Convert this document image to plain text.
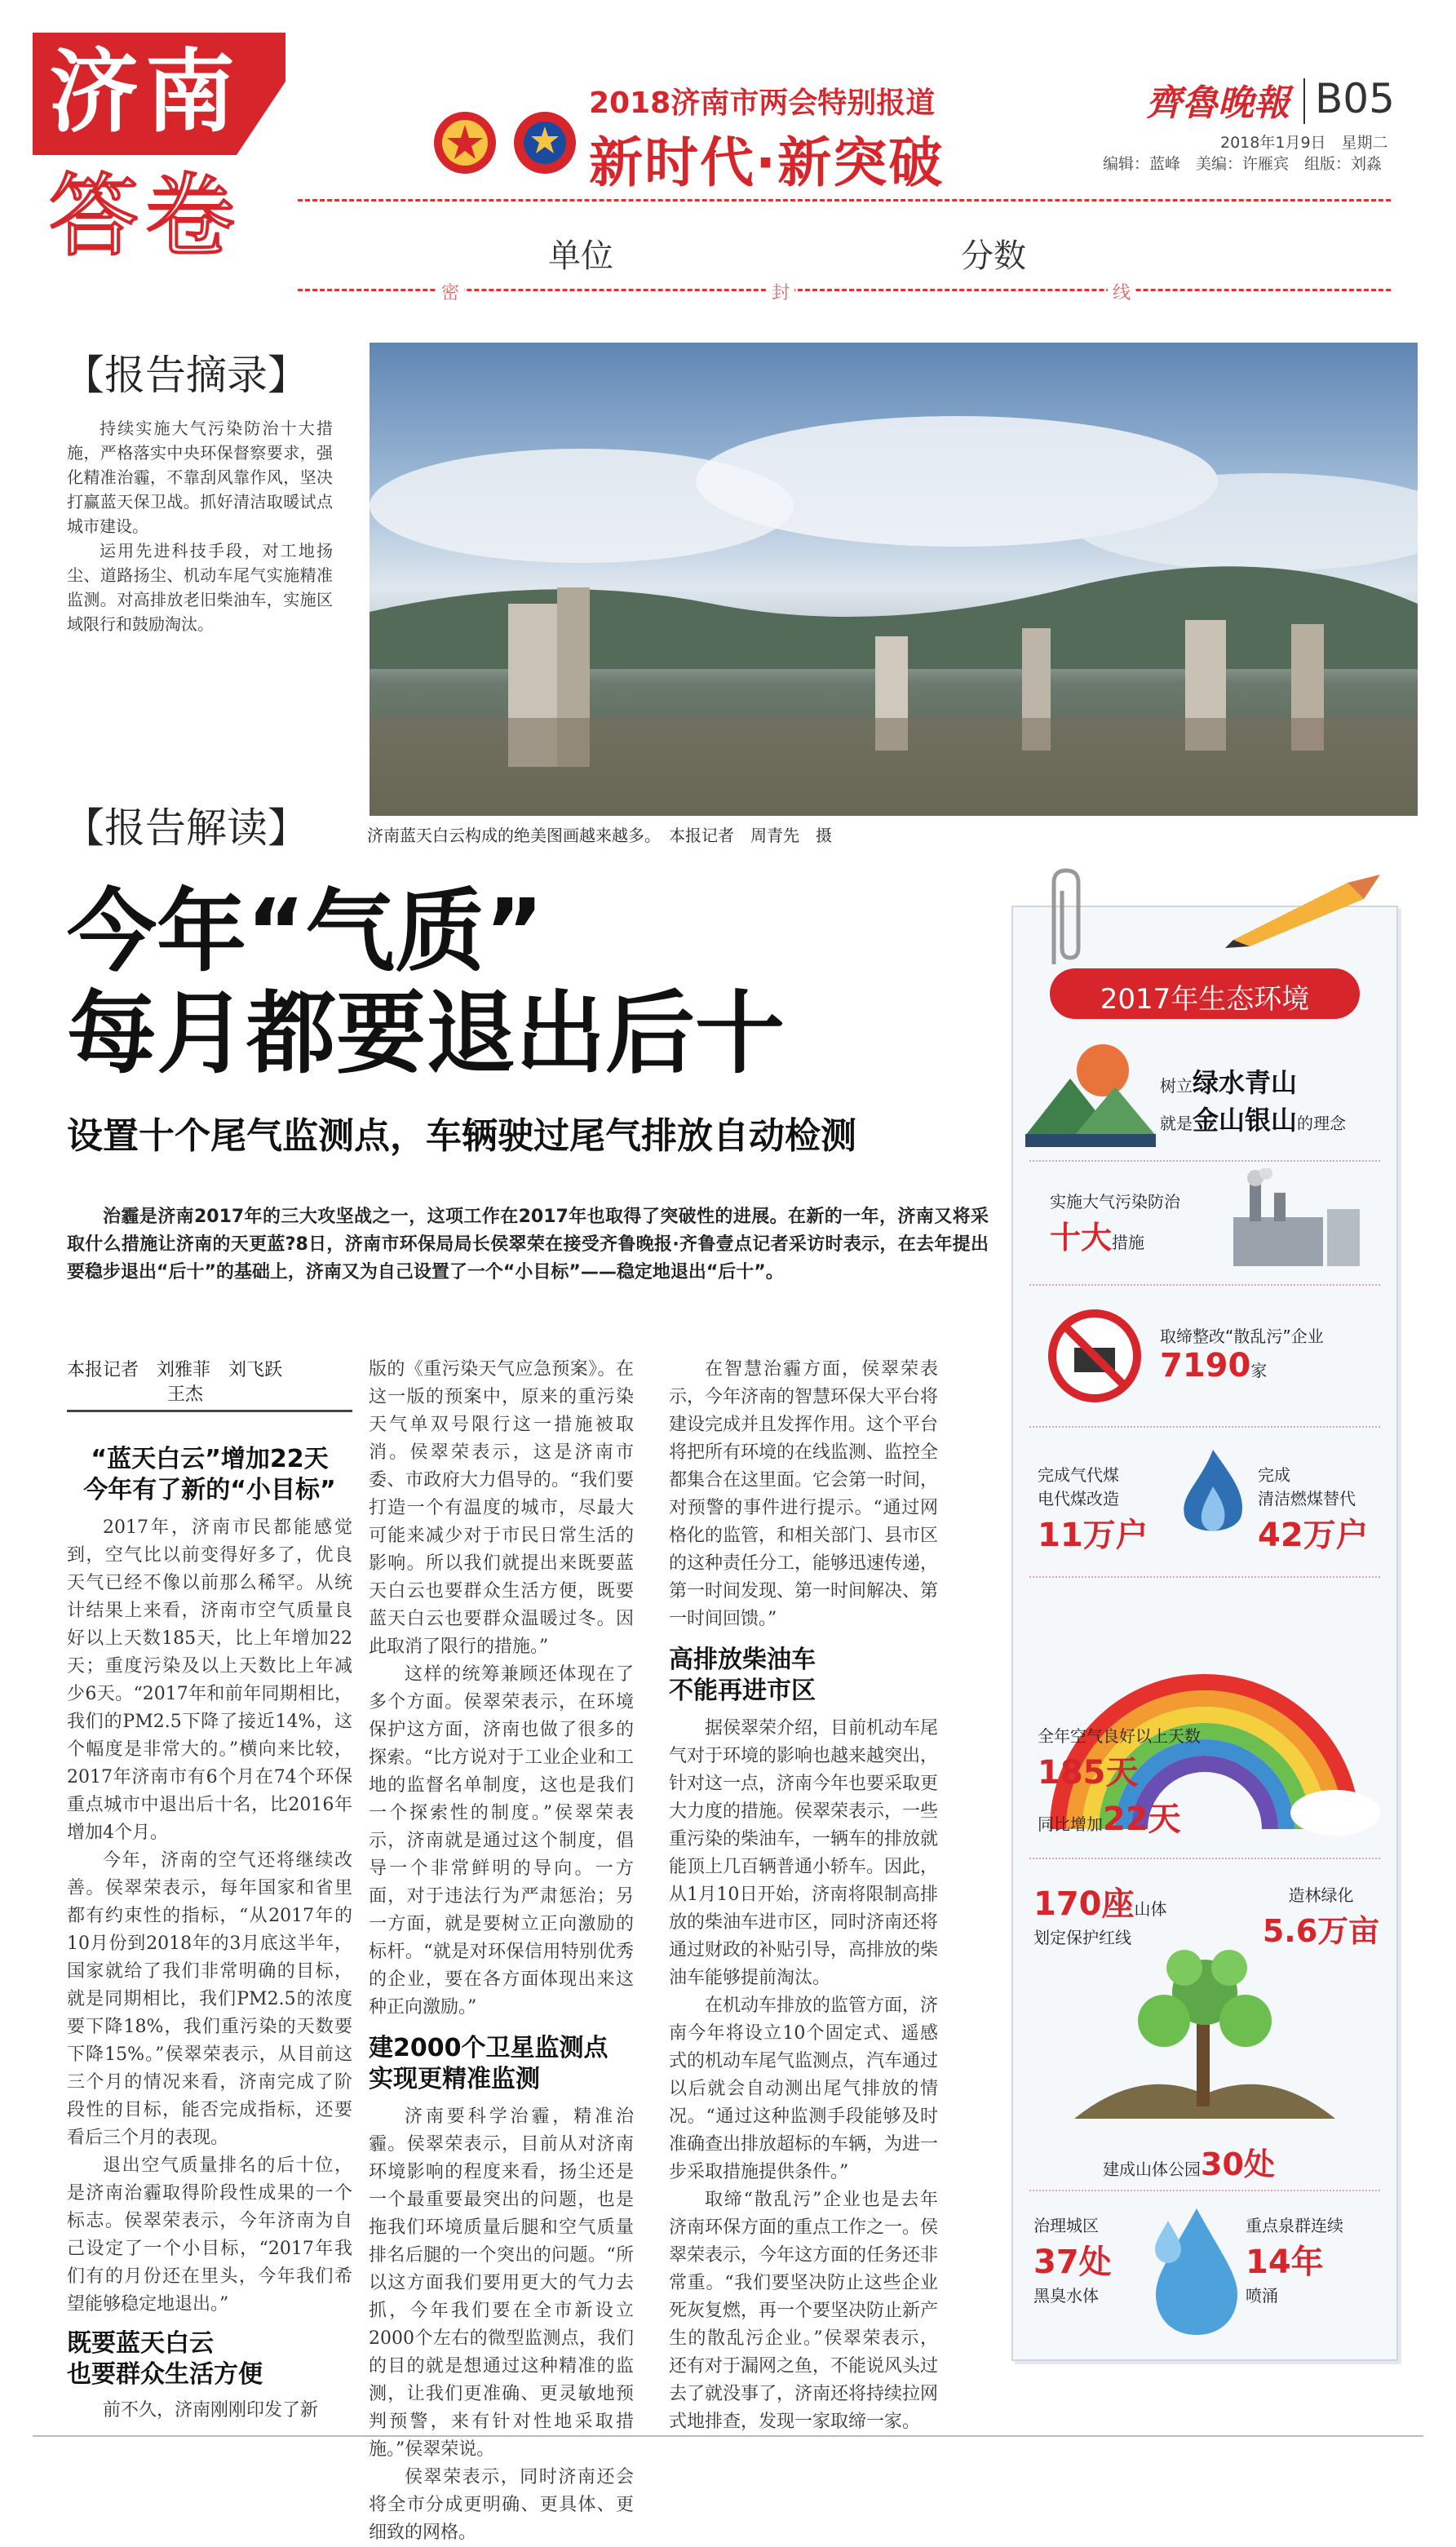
济南
答卷
2018济南市两会特别报道
新时代·新突破
齊魯晚報 B05
2018年1月9日　星期二
编辑：蓝峰　美编：许雁宾　组版：刘淼
单位	分数
密	封	线
【报告摘录】

持续实施大气污染防治十大措施，严格落实中央环保督察要求，强化精准治霾，不靠刮风靠作风，坚决打赢蓝天保卫战。抓好清洁取暖试点城市建设。

运用先进科技手段，对工地扬尘、道路扬尘、机动车尾气实施精准监测。对高排放老旧柴油车，实施区域限行和鼓励淘汰。

济南蓝天白云构成的绝美图画越来越多。　本报记者　周青先　摄
【报告解读】
今年“气质”
每月都要退出后十
设置十个尾气监测点，车辆驶过尾气排放自动检测
治霾是济南2017年的三大攻坚战之一，这项工作在2017年也取得了突破性的进展。在新的一年，济南又将采取什么措施让济南的天更蓝?8日，济南市环保局局长侯翠荣在接受齐鲁晚报·齐鲁壹点记者采访时表示，在去年提出要稳步退出“后十”的基础上，济南又为自己设置了一个“小目标”——稳定地退出“后十”。
本报记者　刘雅菲　刘飞跃
王杰
“蓝天白云”增加22天
今年有了新的“小目标”

2017年，济南市民都能感觉到，空气比以前变得好多了，优良天气已经不像以前那么稀罕。从统计结果上来看，济南市空气质量良好以上天数185天，比上年增加22天；重度污染及以上天数比上年减少6天。“2017年和前年同期相比，我们的PM2.5下降了接近14%，这个幅度是非常大的。”横向来比较，2017年济南市有6个月在74个环保重点城市中退出后十名，比2016年增加4个月。

今年，济南的空气还将继续改善。侯翠荣表示，每年国家和省里都有约束性的指标，“从2017年的10月份到2018年的3月底这半年，国家就给了我们非常明确的目标，就是同期相比，我们PM2.5的浓度要下降18%，我们重污染的天数要下降15%。”侯翠荣表示，从目前这三个月的情况来看，济南完成了阶段性的目标，能否完成指标，还要看后三个月的表现。

退出空气质量排名的后十位，是济南治霾取得阶段性成果的一个标志。侯翠荣表示，今年济南为自己设定了一个小目标，“2017年我们有的月份还在里头，今年我们希望能够稳定地退出。”

既要蓝天白云
也要群众生活方便

前不久，济南刚刚印发了新

版的《重污染天气应急预案》。在这一版的预案中，原来的重污染天气单双号限行这一措施被取消。侯翠荣表示，这是济南市委、市政府大力倡导的。“我们要打造一个有温度的城市，尽最大可能来减少对于市民日常生活的影响。所以我们就提出来既要蓝天白云也要群众生活方便，既要蓝天白云也要群众温暖过冬。因此取消了限行的措施。”

这样的统筹兼顾还体现在了多个方面。侯翠荣表示，在环境保护这方面，济南也做了很多的探索。“比方说对于工业企业和工地的监督名单制度，这也是我们一个探索性的制度。”侯翠荣表示，济南就是通过这个制度，倡导一个非常鲜明的导向。一方面，对于违法行为严肃惩治；另一方面，就是要树立正向激励的标杆。“就是对环保信用特别优秀的企业，要在各方面体现出来这种正向激励。”

建2000个卫星监测点
实现更精准监测

济南要科学治霾，精准治霾。侯翠荣表示，目前从对济南环境影响的程度来看，扬尘还是一个最重要最突出的问题，也是拖我们环境质量后腿和空气质量排名后腿的一个突出的问题。“所以这方面我们要用更大的气力去抓，今年我们要在全市新设立2000个左右的微型监测点，我们的目的就是想通过这种精准的监测，让我们更准确、更灵敏地预判预警，来有针对性地采取措施。”侯翠荣说。

侯翠荣表示，同时济南还会将全市分成更明确、更具体、更细致的网格。

在智慧治霾方面，侯翠荣表示，今年济南的智慧环保大平台将建设完成并且发挥作用。这个平台将把所有环境的在线监测、监控全都集合在这里面。它会第一时间，对预警的事件进行提示。“通过网格化的监管，和相关部门、县市区的这种责任分工，能够迅速传递，第一时间发现、第一时间解决、第一时间回馈。”

高排放柴油车
不能再进市区

据侯翠荣介绍，目前机动车尾气对于环境的影响也越来越突出，针对这一点，济南今年也要采取更大力度的措施。侯翠荣表示，一些重污染的柴油车，一辆车的排放就能顶上几百辆普通小轿车。因此，从1月10日开始，济南将限制高排放的柴油车进市区，同时济南还将通过财政的补贴引导，高排放的柴油车能够提前淘汰。

在机动车排放的监管方面，济南今年将设立10个固定式、遥感式的机动车尾气监测点，汽车通过以后就会自动测出尾气排放的情况。“通过这种监测手段能够及时准确查出排放超标的车辆，为进一步采取措施提供条件。”

取缔“散乱污”企业也是去年济南环保方面的重点工作之一。侯翠荣表示，今年这方面的任务还非常重。“我们要坚决防止这些企业死灰复燃，再一个要坚决防止新产生的散乱污企业。”侯翠荣表示，还有对于漏网之鱼，不能说风头过去了就没事了，济南还将持续拉网式地排查，发现一家取缔一家。

2017年生态环境
树立绿水青山
就是金山银山的理念
实施大气污染防治
十大措施
取缔整改“散乱污”企业
7190家
完成气代煤
电代煤改造
11万户
完成
清洁燃煤替代
42万户
全年空气良好以上天数
185天
同比增加22天
170座山体
划定保护红线
造林绿化
5.6万亩
建成山体公园30处
治理城区
37处
黑臭水体
重点泉群连续
14年
喷涌
